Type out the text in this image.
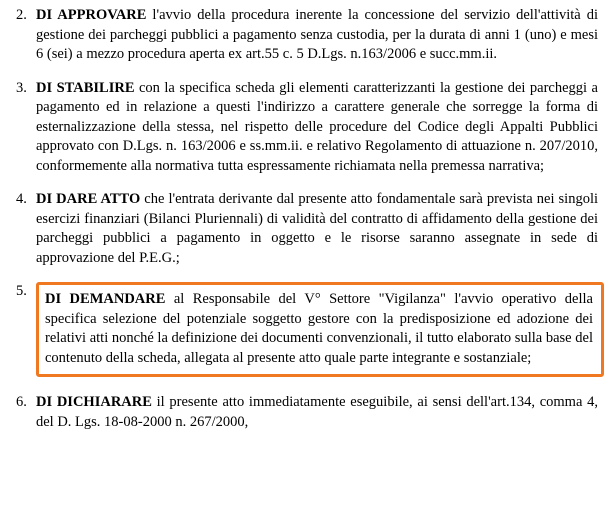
2. DI APPROVARE l'avvio della procedura inerente la concessione del servizio dell'attività di gestione dei parcheggi pubblici a pagamento senza custodia, per la durata di anni 1 (uno) e mesi 6 (sei) a mezzo procedura aperta ex art.55 c. 5 D.Lgs. n.163/2006 e succ.mm.ii.
3. DI STABILIRE con la specifica scheda gli elementi caratterizzanti la gestione dei parcheggi a pagamento ed in relazione a questi l'indirizzo a carattere generale che sorregge la forma di esternalizzazione della stessa, nel rispetto delle procedure del Codice degli Appalti Pubblici approvato con D.Lgs. n. 163/2006 e ss.mm.ii. e relativo Regolamento di attuazione n. 207/2010, conformemente alla normativa tutta espressamente richiamata nella premessa narrativa;
4. DI DARE ATTO che l'entrata derivante dal presente atto fondamentale sarà prevista nei singoli esercizi finanziari (Bilanci Pluriennali) di validità del contratto di affidamento della gestione dei parcheggi pubblici a pagamento in oggetto e le risorse saranno assegnate in sede di approvazione del P.E.G.;
5.	DI DEMANDARE al Responsabile del V° Settore "Vigilanza" l'avvio operativo della specifica selezione del potenziale soggetto gestore con la predisposizione ed adozione dei relativi atti nonché la definizione dei documenti convenzionali, il tutto elaborato sulla base del contenuto della scheda, allegata al presente atto quale parte integrante e sostanziale;
6. DI DICHIARARE il presente atto immediatamente eseguibile, ai sensi dell'art.134, comma 4, del D. Lgs. 18-08-2000 n. 267/2000,
